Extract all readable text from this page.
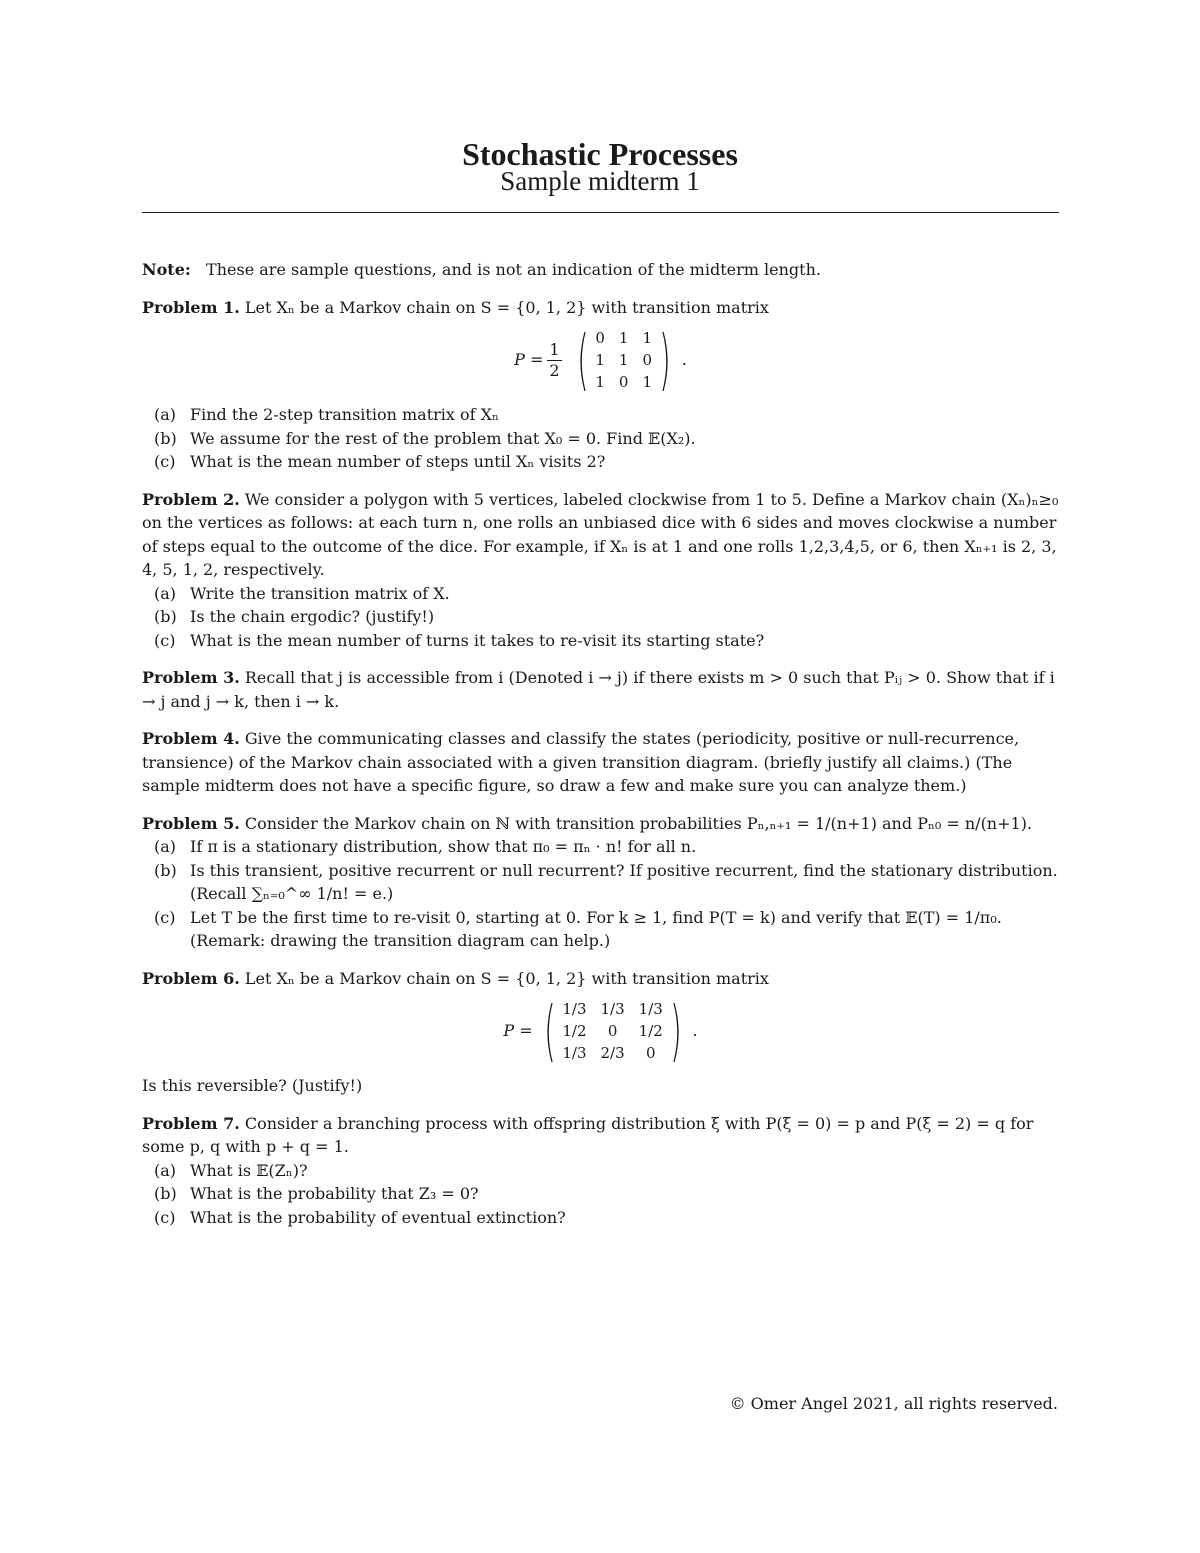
Stochastic Processes
Sample midterm 1

Note: These are sample questions, and is not an indication of the midterm length.

Problem 1. Let Xₙ be a Markov chain on S = {0, 1, 2} with transition matrix

$P = \frac{1}{2}$ ( 0 1 1
1 1 0
1 0 1 ) .
(a) Find the 2-step transition matrix of Xₙ
(b) We assume for the rest of the problem that X₀ = 0. Find 𝔼(X₂).
(c) What is the mean number of steps until Xₙ visits 2?

Problem 2. We consider a polygon with 5 vertices, labeled clockwise from 1 to 5. Define a Markov chain (Xₙ)ₙ≥₀ on the vertices as follows: at each turn n, one rolls an unbiased dice with 6 sides and moves clockwise a number of steps equal to the outcome of the dice. For example, if Xₙ is at 1 and one rolls 1,2,3,4,5, or 6, then Xₙ₊₁ is 2, 3, 4, 5, 1, 2, respectively.

(a) Write the transition matrix of X.
(b) Is the chain ergodic? (justify!)
(c) What is the mean number of turns it takes to re-visit its starting state?

Problem 3. Recall that j is accessible from i (Denoted i → j) if there exists m > 0 such that Pᵢⱼ > 0. Show that if i → j and j → k, then i → k.

Problem 4. Give the communicating classes and classify the states (periodicity, positive or null-recurrence, transience) of the Markov chain associated with a given transition diagram. (briefly justify all claims.) (The sample midterm does not have a specific figure, so draw a few and make sure you can analyze them.)

Problem 5. Consider the Markov chain on ℕ with transition probabilities Pₙ,ₙ₊₁ = 1/(n+1) and Pₙ₀ = n/(n+1).

(a) If π is a stationary distribution, show that π₀ = πₙ · n! for all n.
(b) Is this transient, positive recurrent or null recurrent? If positive recurrent, find the stationary distribution. (Recall ∑ₙ₌₀^∞ 1/n! = e.)
(c) Let T be the first time to re-visit 0, starting at 0. For k ≥ 1, find P(T = k) and verify that 𝔼(T) = 1/π₀. (Remark: drawing the transition diagram can help.)

Problem 6. Let Xₙ be a Markov chain on S = {0, 1, 2} with transition matrix

P = ( 1/3 1/3 1/3
1/2	0	1/2
1/3 2/3	0 ) .

Is this reversible? (Justify!)

Problem 7. Consider a branching process with offspring distribution ξ with P(ξ = 0) = p and P(ξ = 2) = q for some p, q with p + q = 1.

(a) What is 𝔼(Zₙ)?
(b) What is the probability that Z₃ = 0?
(c) What is the probability of eventual extinction?
© Omer Angel 2021, all rights reserved.
